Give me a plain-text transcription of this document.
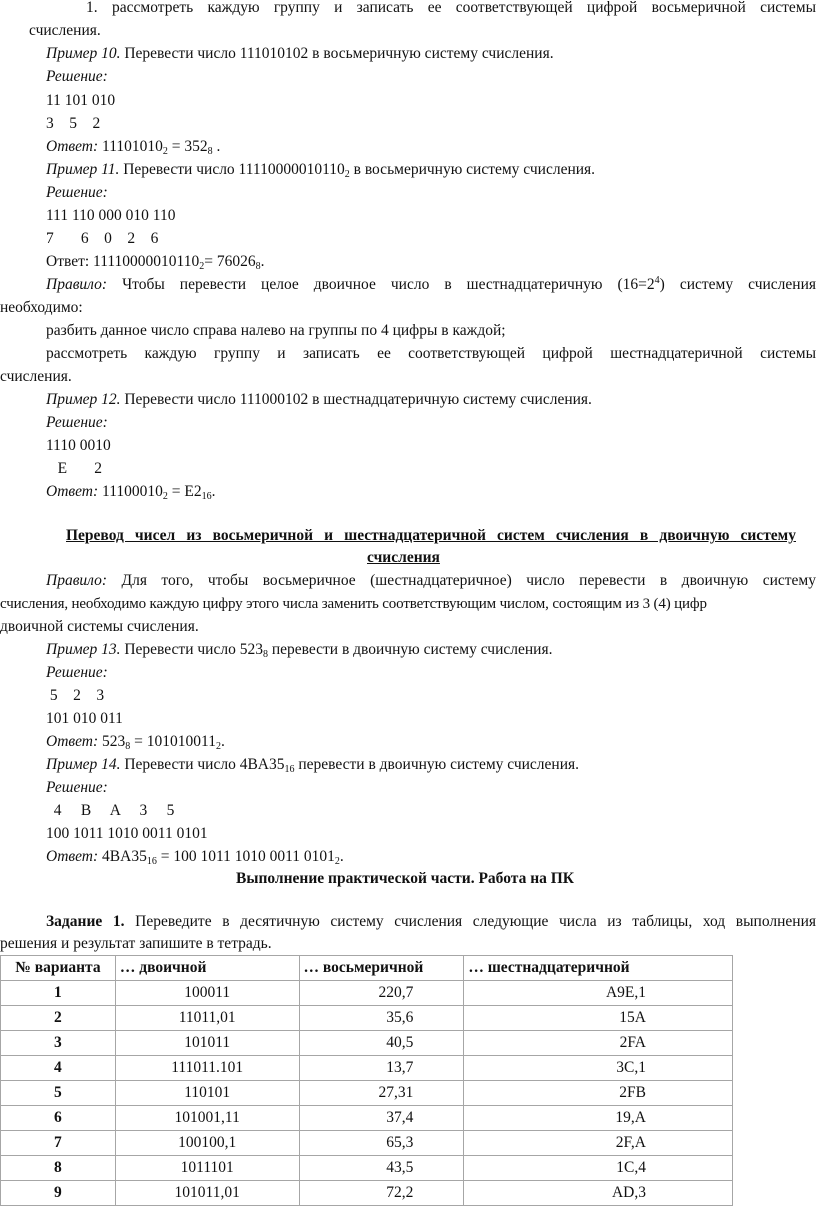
1. рассмотреть каждую группу и записать ее соответствующей цифрой восьмеричной системы
счисления.
Пример 10. Перевести число 111010102 в восьмеричную систему счисления.
Решение:
11 101 010
3    5    2
Ответ: $11101010_2 = 352_8$ .
Пример 11. Перевести число $11110000010110_2$ в восьмеричную систему счисления.
Решение:
111 110 000 010 110
7       6    0    2    6
Ответ: $11110000010110_2= 76026_8$.
Правило: Чтобы перевести целое двоичное число в шестнадцатеричную $(16=2^4)$ систему счисления
необходимо:
разбить данное число справа налево на группы по 4 цифры в каждой;
рассмотреть каждую группу и записать ее соответствующей цифрой шестнадцатеричной системы
счисления.
Пример 12. Перевести число 111000102 в шестнадцатеричную систему счисления.
Решение:
1110 0010
E       2
Ответ: $11100010_2 = E2_{16}$.
Перевод чисел из восьмеричной и шестнадцатеричной систем счисления в двоичную систему
счисления
Правило: Для того, чтобы восьмеричное (шестнадцатеричное) число перевести в двоичную систему
счисления, необходимо каждую цифру этого числа заменить соответствующим числом, состоящим из 3 (4) цифр
двоичной системы счисления.
Пример 13. Перевести число $523_8$ перевести в двоичную систему счисления.
Решение:
5    2    3
101 010 011
Ответ: $523_8 = 101010011_2$.
Пример 14. Перевести число $4BA35_{16}$ перевести в двоичную систему счисления.
Решение:
4     B     A     3     5
100 1011 1010 0011 0101
Ответ: $4BA35_{16} = 100$ 1011 1010 0011 $0101_2$.
Выполнение практической части. Работа на ПК
Задание 1. Переведите в десятичную систему счисления следующие числа из таблицы, ход выполнения
решения и результат запишите в тетрадь.
№ варианта	… двоичной	… восьмеричной	… шестнадцатеричной
1	100011	220,7	A9E,1
2	11011,01	35,6	15A
3	101011	40,5	2FA
4	111011.101	13,7	3C,1
5	110101	27,31	2FB
6	101001,11	37,4	19,A
7	100100,1	65,3	2F,A
8	1011101	43,5	1C,4
9	101011,01	72,2	AD,3
